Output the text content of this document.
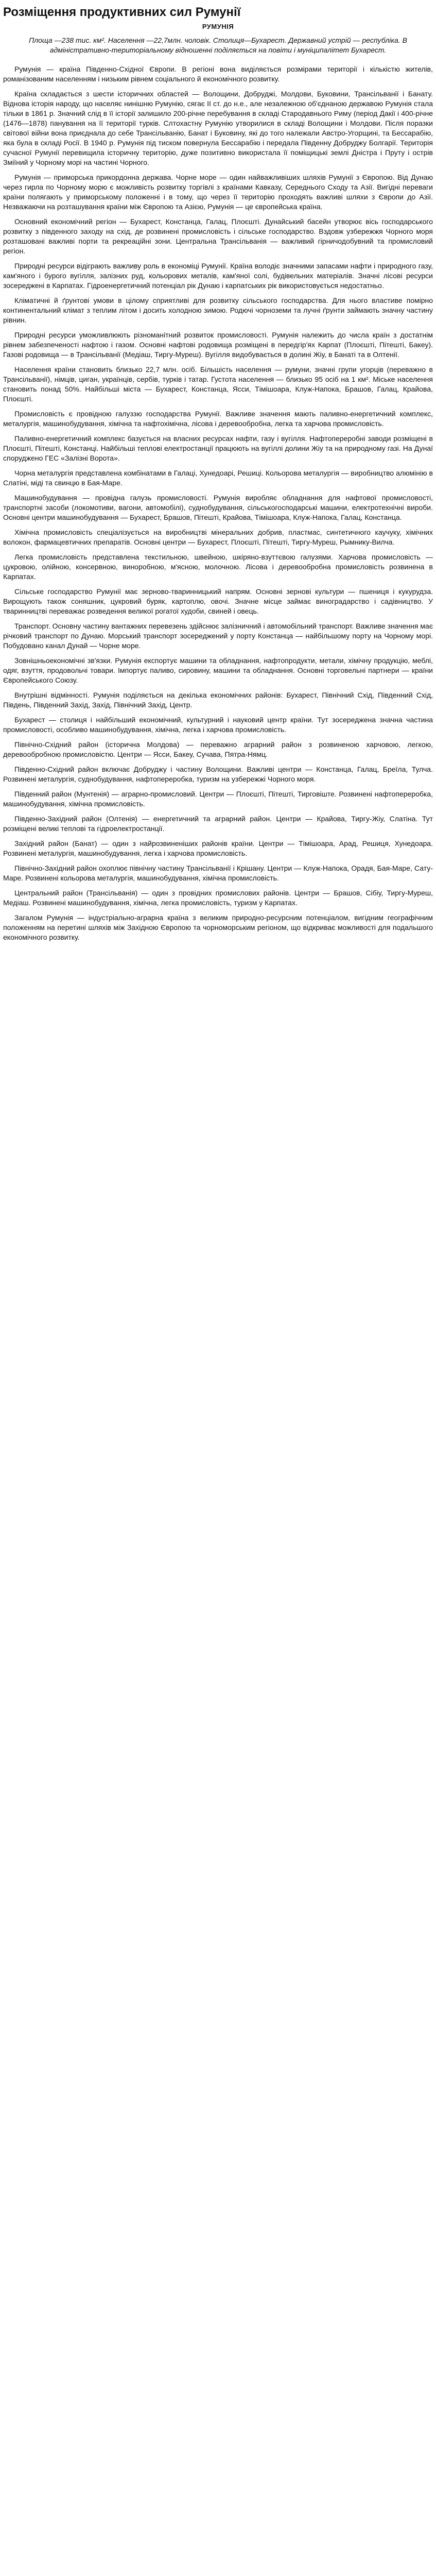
Розміщення продуктивних сил Румунії
РУМУНІЯ

Площа —238 тис. км². Населення —22,7млн. чоловік. Столиця—Бухарест. Державний устрій — республіка. В адміністративно-територіальному відношенні поділяється на повіти і муніципалітет Бухарест.

Румунія — країна Південно-Східної Європи. В регіоні вона виділяється розмірами території і кількістю жителів, романізованим населенням і низьким рівнем соціального й економічного розвитку.

Країна складається з шести історичних областей — Волощини, Добруджі, Молдови, Буковини, Трансільванії і Банату. Віднова історія народу, що населяє нинішню Румунію, сягає II ст. до н.е., але незалежною об'єднаною державою Румунія стала тільки в 1861 р. Значний слід в її історії залишило 200-річне перебування в складі Стародавнього Риму (період Дакії і 400-річне (1476—1878) панування на її території турків. Слтохастну Румунію утворилися в складі Волощини і Молдови. Після поразки світової війни вона приєднала до себе Трансільванію, Банат і Буковину, які до того належали Австро-Угорщині, та Бессарабію, яка була в складі Росії. В 1940 р. Румунія під тиском повернула Бессарабію і передала Південну Добруджу Болгарії. Територія сучасної Румунії перевищила історичну територію, дуже позитивно використала її поміщицькі землі Дністра і Пруту і острів Зміїний у Чорному морі на частині Чорного.

Румунія — приморська прикордонна держава. Чорне море — один найважливіших шляхів Румунії з Європою. Від Дунаю через гирла по Чорному морю є можливість розвитку торгівлі з країнами Кавказу, Середнього Сходу та Азії. Вигідні переваги країни полягають у приморському положенні і в тому, що через її територію проходять важливі шляхи з Європи до Азії. Незважаючи на розташування країни між Європою та Азією, Румунія — це європейська країна.

Основний економічний регіон — Бухарест, Констанца, Галац, Плоєшті. Дунайський басейн утворює вісь господарського розвитку з південного заходу на схід, де розвинені промисловість і сільське господарство. Вздовж узбережжя Чорного моря розташовані важливі порти та рекреаційні зони. Центральна Трансільванія — важливий гірничодобувний та промисловий регіон.

Природні ресурси відіграють важливу роль в економіці Румунії. Країна володіє значними запасами нафти і природного газу, кам'яного і бурого вугілля, залізних руд, кольорових металів, кам'яної солі, будівельних матеріалів. Значні лісові ресурси зосереджені в Карпатах. Гідроенергетичний потенціал рік Дунаю і карпатських рік використовується недостатньо.

Кліматичні й ґрунтові умови в цілому сприятливі для розвитку сільського господарства. Для нього властиве помірно континентальний клімат з теплим літом і досить холодною зимою. Родючі чорноземи та лучні ґрунти займають значну частину рівнин.

Природні ресурси уможливлюють різноманітний розвиток промисловості. Румунія належить до числа країн з достатнім рівнем забезпеченості нафтою і газом. Основні нафтові родовища розміщені в передгір'ях Карпат (Плоєшті, Пітешті, Бакеу). Газові родовища — в Трансільванії (Медіаш, Тиргу-Муреш). Вугілля видобувається в долині Жіу, в Банаті та в Олтенії.

Населення країни становить близько 22,7 млн. осіб. Більшість населення — румуни, значні групи угорців (переважно в Трансільванії), німців, циган, українців, сербів, турків і татар. Густота населення — близько 95 осіб на 1 км². Міське населення становить понад 50%. Найбільші міста — Бухарест, Констанца, Ясси, Тімішоара, Клуж-Напока, Брашов, Галац, Крайова, Плоєшті.

Промисловість є провідною галуззю господарства Румунії. Важливе значення мають паливно-енергетичний комплекс, металургія, машинобудування, хімічна та нафтохімічна, лісова і деревообробна, легка та харчова промисловість.

Паливно-енергетичний комплекс базується на власних ресурсах нафти, газу і вугілля. Нафтопереробні заводи розміщені в Плоєшті, Пітешті, Констанці. Найбільші теплові електростанції працюють на вугіллі долини Жіу та на природному газі. На Дунаї споруджено ГЕС «Залізні Ворота».

Чорна металургія представлена комбінатами в Галаці, Хунедоарі, Решиці. Кольорова металургія — виробництво алюмінію в Слатіні, міді та свинцю в Бая-Маре.

Машинобудування — провідна галузь промисловості. Румунія виробляє обладнання для нафтової промисловості, транспортні засоби (локомотиви, вагони, автомобілі), суднобудування, сільськогосподарські машини, електротехнічні вироби. Основні центри машинобудування — Бухарест, Брашов, Пітешті, Крайова, Тімішоара, Клуж-Напока, Галац, Констанца.

Хімічна промисловість спеціалізується на виробництві мінеральних добрив, пластмас, синтетичного каучуку, хімічних волокон, фармацевтичних препаратів. Основні центри — Бухарест, Плоєшті, Пітешті, Тиргу-Муреш, Рымнику-Вилча.

Легка промисловість представлена текстильною, швейною, шкіряно-взуттєвою галузями. Харчова промисловість — цукровою, олійною, консервною, виноробною, м'ясною, молочною. Лісова і деревообробна промисловість розвинена в Карпатах.

Сільське господарство Румунії має зерново-тваринницький напрям. Основні зернові культури — пшениця і кукурудза. Вирощують також соняшник, цукровий буряк, картоплю, овочі. Значне місце займає виноградарство і садівництво. У тваринництві переважає розведення великої рогатої худоби, свиней і овець.

Транспорт. Основну частину вантажних перевезень здійснює залізничний і автомобільний транспорт. Важливе значення має річковий транспорт по Дунаю. Морський транспорт зосереджений у порту Констанца — найбільшому порту на Чорному морі. Побудовано канал Дунай — Чорне море.

Зовнішньоекономічні зв'язки. Румунія експортує машини та обладнання, нафтопродукти, метали, хімічну продукцію, меблі, одяг, взуття, продовольчі товари. Імпортує паливо, сировину, машини та обладнання. Основні торговельні партнери — країни Європейського Союзу.

Внутрішні відмінності. Румунія поділяється на декілька економічних районів: Бухарест, Північний Схід, Південний Схід, Південь, Південний Захід, Захід, Північний Захід, Центр.

Бухарест — столиця і найбільший економічний, культурний і науковий центр країни. Тут зосереджена значна частина промисловості, особливо машинобудування, хімічна, легка і харчова промисловість.

Північно-Східний район (історична Молдова) — переважно аграрний район з розвиненою харчовою, легкою, деревообробною промисловістю. Центри — Ясси, Бакеу, Сучава, Пятра-Нямц.

Південно-Східний район включає Добруджу і частину Волощини. Важливі центри — Констанца, Галац, Бреїла, Тулча. Розвинені металургія, суднобудування, нафтопереробка, туризм на узбережжі Чорного моря.

Південний район (Мунтенія) — аграрно-промисловий. Центри — Плоєшті, Пітешті, Тирговіште. Розвинені нафтопереробка, машинобудування, хімічна промисловість.

Південно-Західний район (Олтенія) — енергетичний та аграрний район. Центри — Крайова, Тиргу-Жіу, Слатіна. Тут розміщені великі теплові та гідроелектростанції.

Західний район (Банат) — один з найрозвиненіших районів країни. Центри — Тімішоара, Арад, Решиця, Хунедоара. Розвинені металургія, машинобудування, легка і харчова промисловість.

Північно-Західний район охоплює північну частину Трансільванії і Крішану. Центри — Клуж-Напока, Орадя, Бая-Маре, Сату-Маре. Розвинені кольорова металургія, машинобудування, хімічна промисловість.

Центральний район (Трансільванія) — один з провідних промислових районів. Центри — Брашов, Сібіу, Тиргу-Муреш, Медіаш. Розвинені машинобудування, хімічна, легка промисловість, туризм у Карпатах.

Загалом Румунія — індустріально-аграрна країна з великим природно-ресурсним потенціалом, вигідним географічним положенням на перетині шляхів між Західною Європою та чорноморським регіоном, що відкриває можливості для подальшого економічного розвитку.
